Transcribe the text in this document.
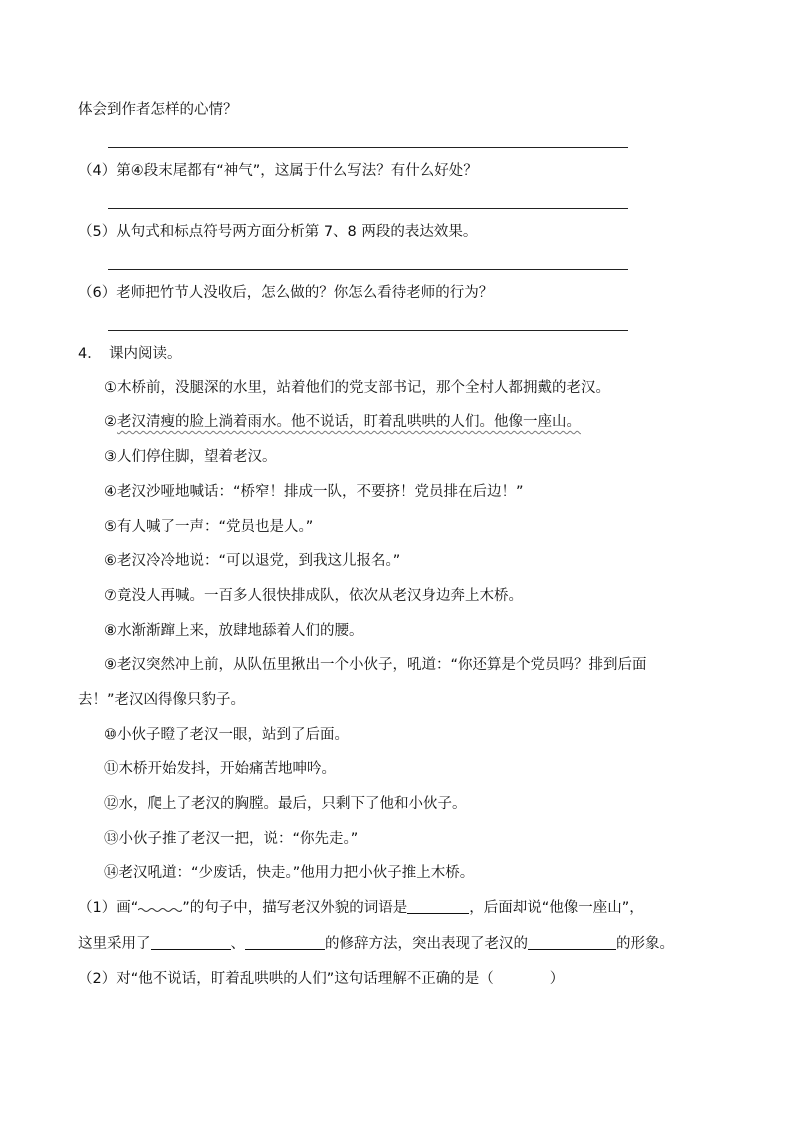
体会到作者怎样的心情？
（4）第④段末尾都有“神气”，这属于什么写法？有什么好处？
（5）从句式和标点符号两方面分析第 7、8 两段的表达效果。
（6）老师把竹节人没收后，怎么做的？你怎么看待老师的行为？
4．　课内阅读。
①木桥前，没腿深的水里，站着他们的党支部书记，那个全村人都拥戴的老汉。
②老汉清瘦的脸上淌着雨水。他不说话，盯着乱哄哄的人们。他像一座山。
③人们停住脚，望着老汉。
④老汉沙哑地喊话：“桥窄！排成一队，不要挤！党员排在后边！”
⑤有人喊了一声：“党员也是人。”
⑥老汉冷冷地说：“可以退党，到我这儿报名。”
⑦竟没人再喊。一百多人很快排成队，依次从老汉身边奔上木桥。
⑧水渐渐蹿上来，放肆地舔着人们的腰。
⑨老汉突然冲上前，从队伍里揪出一个小伙子，吼道：“你还算是个党员吗？排到后面
去！”老汉凶得像只豹子。
⑩小伙子瞪了老汉一眼，站到了后面。
⑪木桥开始发抖，开始痛苦地呻吟。
⑫水，爬上了老汉的胸膛。最后，只剩下了他和小伙子。
⑬小伙子推了老汉一把，说：“你先走。”
⑭老汉吼道：“少废话，快走。”他用力把小伙子推上木桥。
（1）画“	”的句子中，描写老汉外貌的词语是	，后面却说“他像一座山”，
这里采用了	、	的修辞方法，突出表现了老汉的	的形象。
（2）对“他不说话，盯着乱哄哄的人们”这句话理解不正确的是（	）
